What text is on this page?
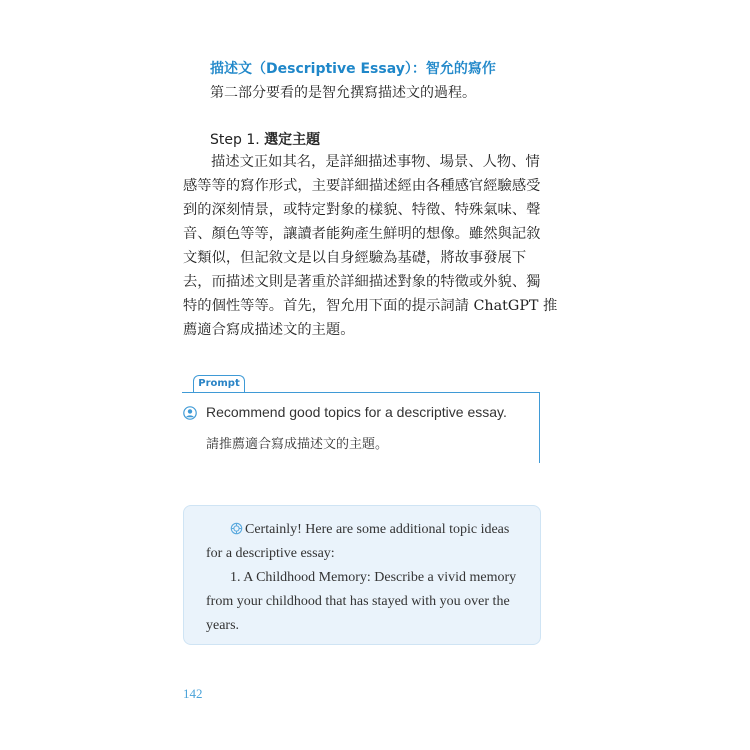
描述文（Descriptive Essay）：智允的寫作
第二部分要看的是智允撰寫描述文的過程。
Step 1. 選定主題
描述文正如其名，是詳細描述事物、場景、人物、情
感等等的寫作形式，主要詳細描述經由各種感官經驗感受
到的深刻情景，或特定對象的樣貌、特徵、特殊氣味、聲
音、顏色等等，讓讀者能夠產生鮮明的想像。雖然與記敘
文類似，但記敘文是以自身經驗為基礎，將故事發展下
去，而描述文則是著重於詳細描述對象的特徵或外貌、獨
特的個性等等。首先，智允用下面的提示詞請 ChatGPT 推
薦適合寫成描述文的主題。
Prompt
Recommend good topics for a descriptive essay.
請推薦適合寫成描述文的主題。
Certainly! Here are some additional topic ideas
for a descriptive essay:
1. A Childhood Memory: Describe a vivid memory
from your childhood that has stayed with you over the
years.
142
